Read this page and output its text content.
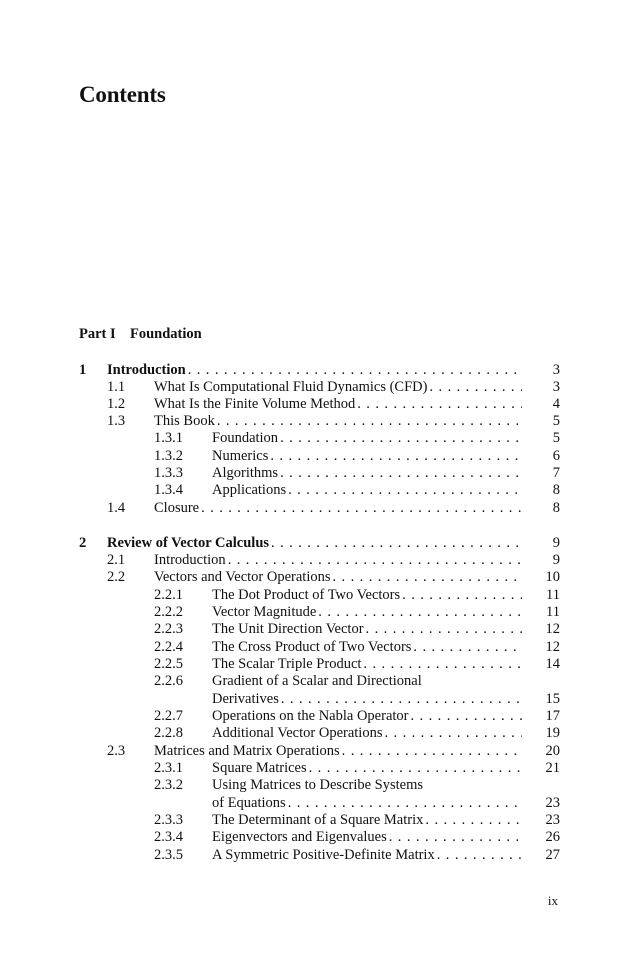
Contents
Part I Foundation
1 Introduction . . .	3
1.1 What Is Computational Fluid Dynamics (CFD) . . .	3
1.2 What Is the Finite Volume Method . . .	4
1.3 This Book . . .	5
1.3.1 Foundation . . .	5
1.3.2 Numerics . . .	6
1.3.3 Algorithms . . .	7
1.3.4 Applications . . .	8
1.4 Closure . . .	8
2 Review of Vector Calculus . . .	9
2.1 Introduction . . .	9
2.2 Vectors and Vector Operations . . .	10
2.2.1 The Dot Product of Two Vectors . . .	11
2.2.2 Vector Magnitude . . .	11
2.2.3 The Unit Direction Vector . . .	12
2.2.4 The Cross Product of Two Vectors . . .	12
2.2.5 The Scalar Triple Product . . .	14
2.2.6 Gradient of a Scalar and Directional
Derivatives . . .	15
2.2.7 Operations on the Nabla Operator . . .	17
2.2.8 Additional Vector Operations . . .	19
2.3 Matrices and Matrix Operations . . .	20
2.3.1 Square Matrices . . .	21
2.3.2 Using Matrices to Describe Systems
of Equations . . .	23
2.3.3 The Determinant of a Square Matrix . . .	23
2.3.4 Eigenvectors and Eigenvalues . . .	26
2.3.5 A Symmetric Positive-Definite Matrix . . .	27
ix
